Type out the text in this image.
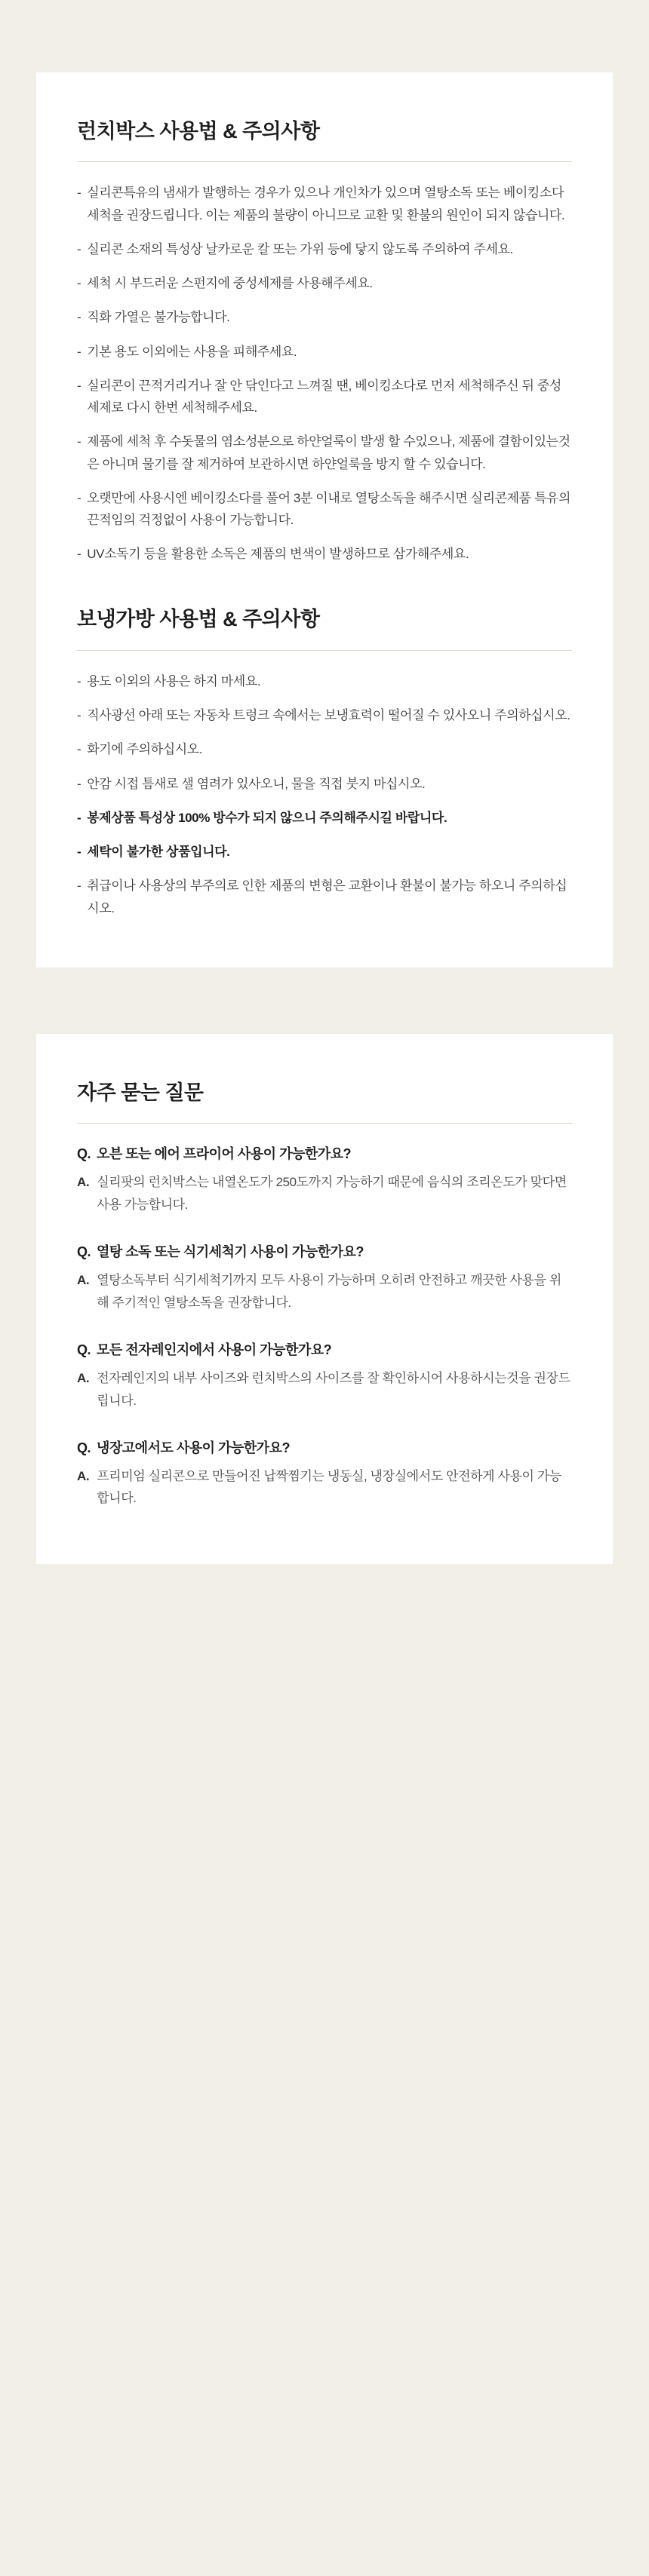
런치박스 사용법 & 주의사항
- 실리콘특유의 냄새가 발행하는 경우가 있으나 개인차가 있으며 열탕소독 또는 베이킹소다 세척을 권장드립니다. 이는 제품의 불량이 아니므로 교환 및 환불의 원인이 되지 않습니다.
- 실리콘 소재의 특성상 날카로운 칼 또는 가위 등에 닿지 않도록 주의하여 주세요.
- 세척 시 부드러운 스펀지에 중성세제를 사용해주세요.
- 직화 가열은 불가능합니다.
- 기본 용도 이외에는 사용을 피해주세요.
- 실리콘이 끈적거리거나 잘 안 닦인다고 느껴질 땐, 베이킹소다로 먼저 세척해주신 뒤 중성세제로 다시 한번 세척해주세요.
- 제품에 세척 후 수돗물의 염소성분으로 하얀얼룩이 발생 할 수있으나, 제품에 결함이있는것은 아니며 물기를 잘 제거하여 보관하시면 하얀얼룩을 방지 할 수 있습니다.
- 오랫만에 사용시엔 베이킹소다를 풀어 3분 이내로 열탕소독을 해주시면 실리콘제품 특유의 끈적임의 걱정없이 사용이 가능합니다.
- UV소독기 등을 활용한 소독은 제품의 변색이 발생하므로 삼가해주세요.
보냉가방 사용법 & 주의사항
- 용도 이외의 사용은 하지 마세요.
- 직사광선 아래 또는 자동차 트렁크 속에서는 보냉효력이 떨어질 수 있사오니 주의하십시오.
- 화기에 주의하십시오.
- 안감 시접 틈새로 샐 염려가 있사오니, 물을 직접 붓지 마십시오.
- 봉제상품 특성상 100% 방수가 되지 않으니 주의해주시길 바랍니다.
- 세탁이 불가한 상품입니다.
- 취급이나 사용상의 부주의로 인한 제품의 변형은 교환이나 환불이 불가능 하오니 주의하십시오.
자주 묻는 질문
Q. 오븐 또는 에어 프라이어 사용이 가능한가요?
A. 실리팟의 런치박스는 내열온도가 250도까지 가능하기 때문에 음식의 조리온도가 맞다면 사용 가능합니다.
Q. 열탕 소독 또는 식기세척기 사용이 가능한가요?
A. 열탕소독부터 식기세척기까지 모두 사용이 가능하며 오히려 안전하고 깨끗한 사용을 위해 주기적인 열탕소독을 권장합니다.
Q. 모든 전자레인지에서 사용이 가능한가요?
A. 전자레인지의 내부 사이즈와 런치박스의 사이즈를 잘 확인하시어 사용하시는것을 권장드립니다.
Q. 냉장고에서도 사용이 가능한가요?
A. 프리미엄 실리콘으로 만들어진 납짝찜기는 냉동실, 냉장실에서도 안전하게 사용이 가능합니다.
